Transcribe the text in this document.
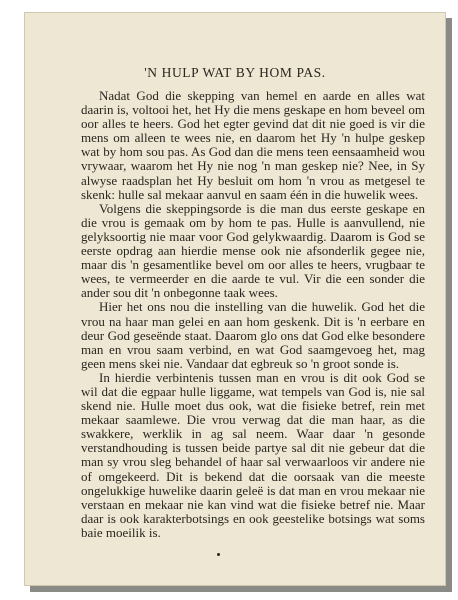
'N HULP WAT BY HOM PAS.

Nadat God die skepping van hemel en aarde en alles wat daarin is, voltooi het, het Hy die mens geskape en hom beveel om oor alles te heers. God het egter gevind dat dit nie goed is vir die mens om alleen te wees nie, en daarom het Hy 'n hulpe geskep wat by hom sou pas. As God dan die mens teen eensaamheid wou vrywaar, waarom het Hy nie nog 'n man geskep nie? Nee, in Sy alwyse raadsplan het Hy besluit om hom 'n vrou as metgesel te skenk: hulle sal mekaar aanvul en saam één in die huwelik wees.

Volgens die skeppingsorde is die man dus eerste geskape en die vrou is gemaak om by hom te pas. Hulle is aanvullend, nie gelyksoortig nie maar voor God gelykwaardig. Daarom is God se eerste opdrag aan hierdie mense ook nie afsonderlik gegee nie, maar dis 'n gesamentlike bevel om oor alles te heers, vrugbaar te wees, te vermeerder en die aarde te vul. Vir die een sonder die ander sou dit 'n onbegonne taak wees.

Hier het ons nou die instelling van die huwelik. God het die vrou na haar man gelei en aan hom geskenk. Dit is 'n eerbare en deur God geseënde staat. Daarom glo ons dat God elke besondere man en vrou saam verbind, en wat God saamgevoeg het, mag geen mens skei nie. Vandaar dat egbreuk so 'n groot sonde is.

In hierdie verbintenis tussen man en vrou is dit ook God se wil dat die egpaar hulle liggame, wat tempels van God is, nie sal skend nie. Hulle moet dus ook, wat die fisieke betref, rein met mekaar saamlewe. Die vrou verwag dat die man haar, as die swakkere, werklik in ag sal neem. Waar daar 'n gesonde verstandhouding is tussen beide partye sal dit nie gebeur dat die man sy vrou sleg behandel of haar sal verwaarloos vir andere nie of omgekeerd. Dit is bekend dat die oorsaak van die meeste ongelukkige huwelike daarin geleë is dat man en vrou mekaar nie verstaan en mekaar nie kan vind wat die fisieke betref nie. Maar daar is ook karakterbotsings en ook geestelike botsings wat soms baie moeilik is.
